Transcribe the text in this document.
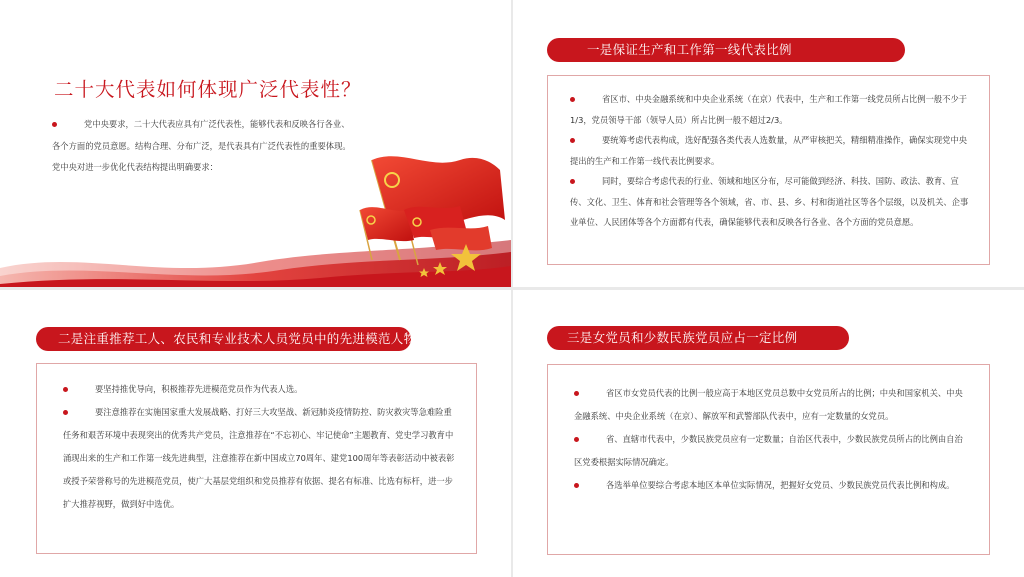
二十大代表如何体现广泛代表性？

党中央要求，二十大代表应具有广泛代表性，能够代表和反映各行各业、各个方面的党员意愿。结构合理、分布广泛，是代表具有广泛代表性的重要体现。党中央对进一步优化代表结构提出明确要求：

一是保证生产和工作第一线代表比例

省区市、中央金融系统和中央企业系统（在京）代表中，生产和工作第一线党员所占比例一般不少于1/3，党员领导干部（领导人员）所占比例一般不超过2/3。

要统筹考虑代表构成，选好配强各类代表人选数量，从严审核把关，精细精准操作，确保实现党中央提出的生产和工作第一线代表比例要求。

同时，要综合考虑代表的行业、领域和地区分布，尽可能做到经济、科技、国防、政法、教育、宣传、文化、卫生、体育和社会管理等各个领域，省、市、县、乡、村和街道社区等各个层级，以及机关、企事业单位、人民团体等各个方面都有代表，确保能够代表和反映各行各业、各个方面的党员意愿。

二是注重推荐工人、农民和专业技术人员党员中的先进模范人物

要坚持推优导向，积极推荐先进模范党员作为代表人选。

要注意推荐在实施国家重大发展战略、打好三大攻坚战、新冠肺炎疫情防控、防灾救灾等急难险重任务和艰苦环境中表现突出的优秀共产党员，注意推荐在“不忘初心、牢记使命”主题教育、党史学习教育中涌现出来的生产和工作第一线先进典型，注意推荐在新中国成立70周年、建党100周年等表彰活动中被表彰或授予荣誉称号的先进模范党员，使广大基层党组织和党员推荐有依据、提名有标准、比选有标杆，进一步扩大推荐视野，做到好中选优。

三是女党员和少数民族党员应占一定比例

省区市女党员代表的比例一般应高于本地区党员总数中女党员所占的比例；中央和国家机关、中央金融系统、中央企业系统（在京）、解放军和武警部队代表中，应有一定数量的女党员。

省、直辖市代表中，少数民族党员应有一定数量；自治区代表中，少数民族党员所占的比例由自治区党委根据实际情况确定。

各选举单位要综合考虑本地区本单位实际情况，把握好女党员、少数民族党员代表比例和构成。
